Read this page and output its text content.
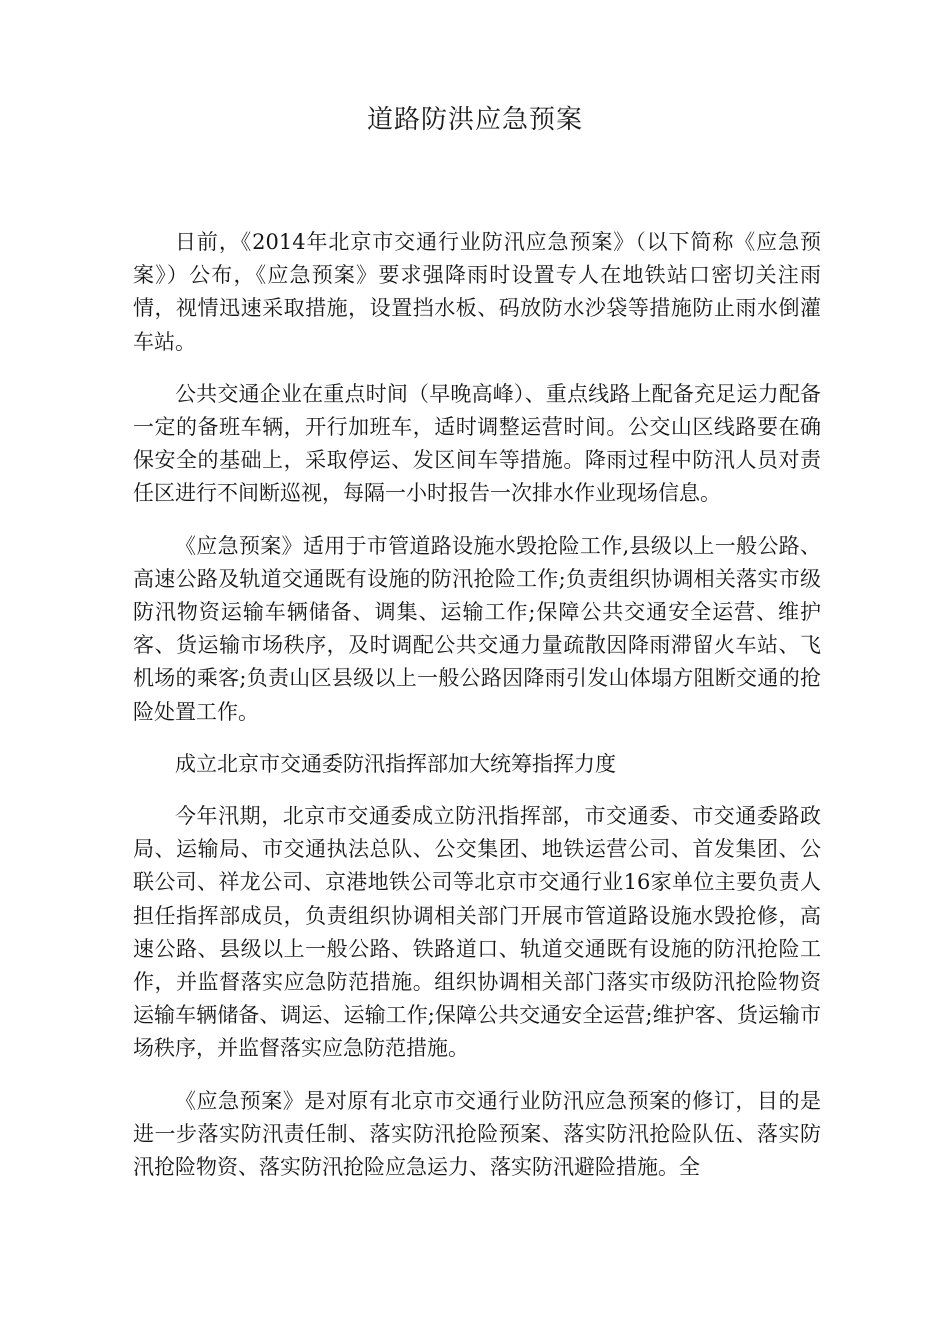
道路防洪应急预案

日前，《2014年北京市交通行业防汛应急预案》（以下简称《应急预案》）公布，《应急预案》要求强降雨时设置专人在地铁站口密切关注雨情，视情迅速采取措施，设置挡水板、码放防水沙袋等措施防止雨水倒灌车站。

公共交通企业在重点时间（早晚高峰）、重点线路上配备充足运力配备一定的备班车辆，开行加班车，适时调整运营时间。公交山区线路要在确保安全的基础上，采取停运、发区间车等措施。降雨过程中防汛人员对责任区进行不间断巡视，每隔一小时报告一次排水作业现场信息。

《应急预案》适用于市管道路设施水毁抢险工作,县级以上一般公路、高速公路及轨道交通既有设施的防汛抢险工作;负责组织协调相关落实市级防汛物资运输车辆储备、调集、运输工作;保障公共交通安全运营、维护客、货运输市场秩序，及时调配公共交通力量疏散因降雨滞留火车站、飞机场的乘客;负责山区县级以上一般公路因降雨引发山体塌方阻断交通的抢险处置工作。

成立北京市交通委防汛指挥部加大统筹指挥力度

今年汛期，北京市交通委成立防汛指挥部，市交通委、市交通委路政局、运输局、市交通执法总队、公交集团、地铁运营公司、首发集团、公联公司、祥龙公司、京港地铁公司等北京市交通行业16家单位主要负责人担任指挥部成员，负责组织协调相关部门开展市管道路设施水毁抢修，高速公路、县级以上一般公路、铁路道口、轨道交通既有设施的防汛抢险工作，并监督落实应急防范措施。组织协调相关部门落实市级防汛抢险物资运输车辆储备、调运、运输工作;保障公共交通安全运营;维护客、货运输市场秩序，并监督落实应急防范措施。

《应急预案》是对原有北京市交通行业防汛应急预案的修订，目的是进一步落实防汛责任制、落实防汛抢险预案、落实防汛抢险队伍、落实防汛抢险物资、落实防汛抢险应急运力、落实防汛避险措施。全
